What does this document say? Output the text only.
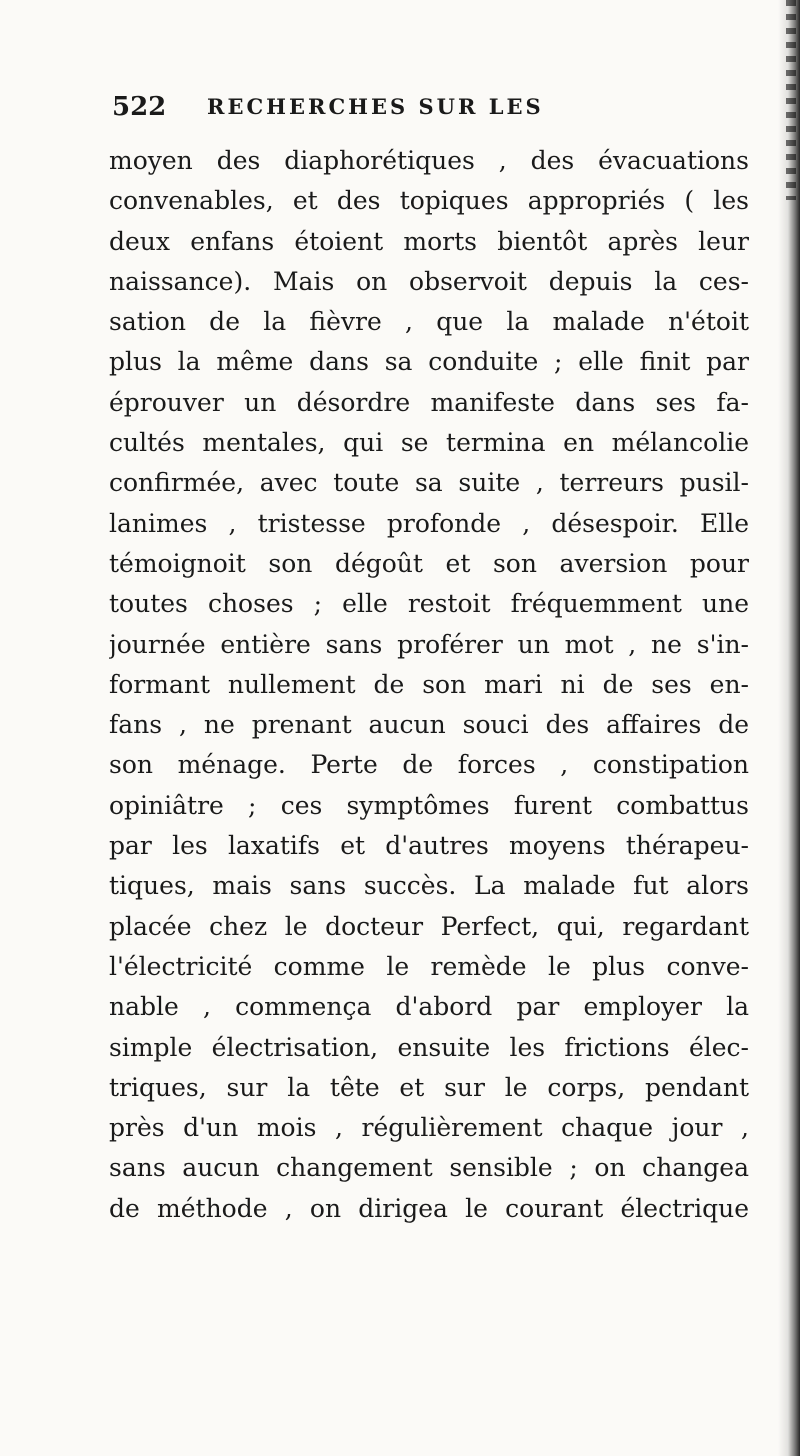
522 RECHERCHES SUR LES
moyen des diaphorétiques , des évacuations
convenables, et des topiques appropriés ( les
deux enfans étoient morts bientôt après leur
naissance). Mais on observoit depuis la ces-
sation de la fièvre , que la malade n'étoit
plus la même dans sa conduite ; elle finit par
éprouver un désordre manifeste dans ses fa-
cultés mentales, qui se termina en mélancolie
confirmée, avec toute sa suite , terreurs pusil-
lanimes , tristesse profonde , désespoir. Elle
témoignoit son dégoût et son aversion pour
toutes choses ; elle restoit fréquemment une
journée entière sans proférer un mot , ne s'in-
formant nullement de son mari ni de ses en-
fans , ne prenant aucun souci des affaires de
son ménage. Perte de forces , constipation
opiniâtre ; ces symptômes furent combattus
par les laxatifs et d'autres moyens thérapeu-
tiques, mais sans succès. La malade fut alors
placée chez le docteur Perfect, qui, regardant
l'électricité comme le remède le plus conve-
nable , commença d'abord par employer la
simple électrisation, ensuite les frictions élec-
triques, sur la tête et sur le corps, pendant
près d'un mois , régulièrement chaque jour ,
sans aucun changement sensible ; on changea
de méthode , on dirigea le courant électrique
